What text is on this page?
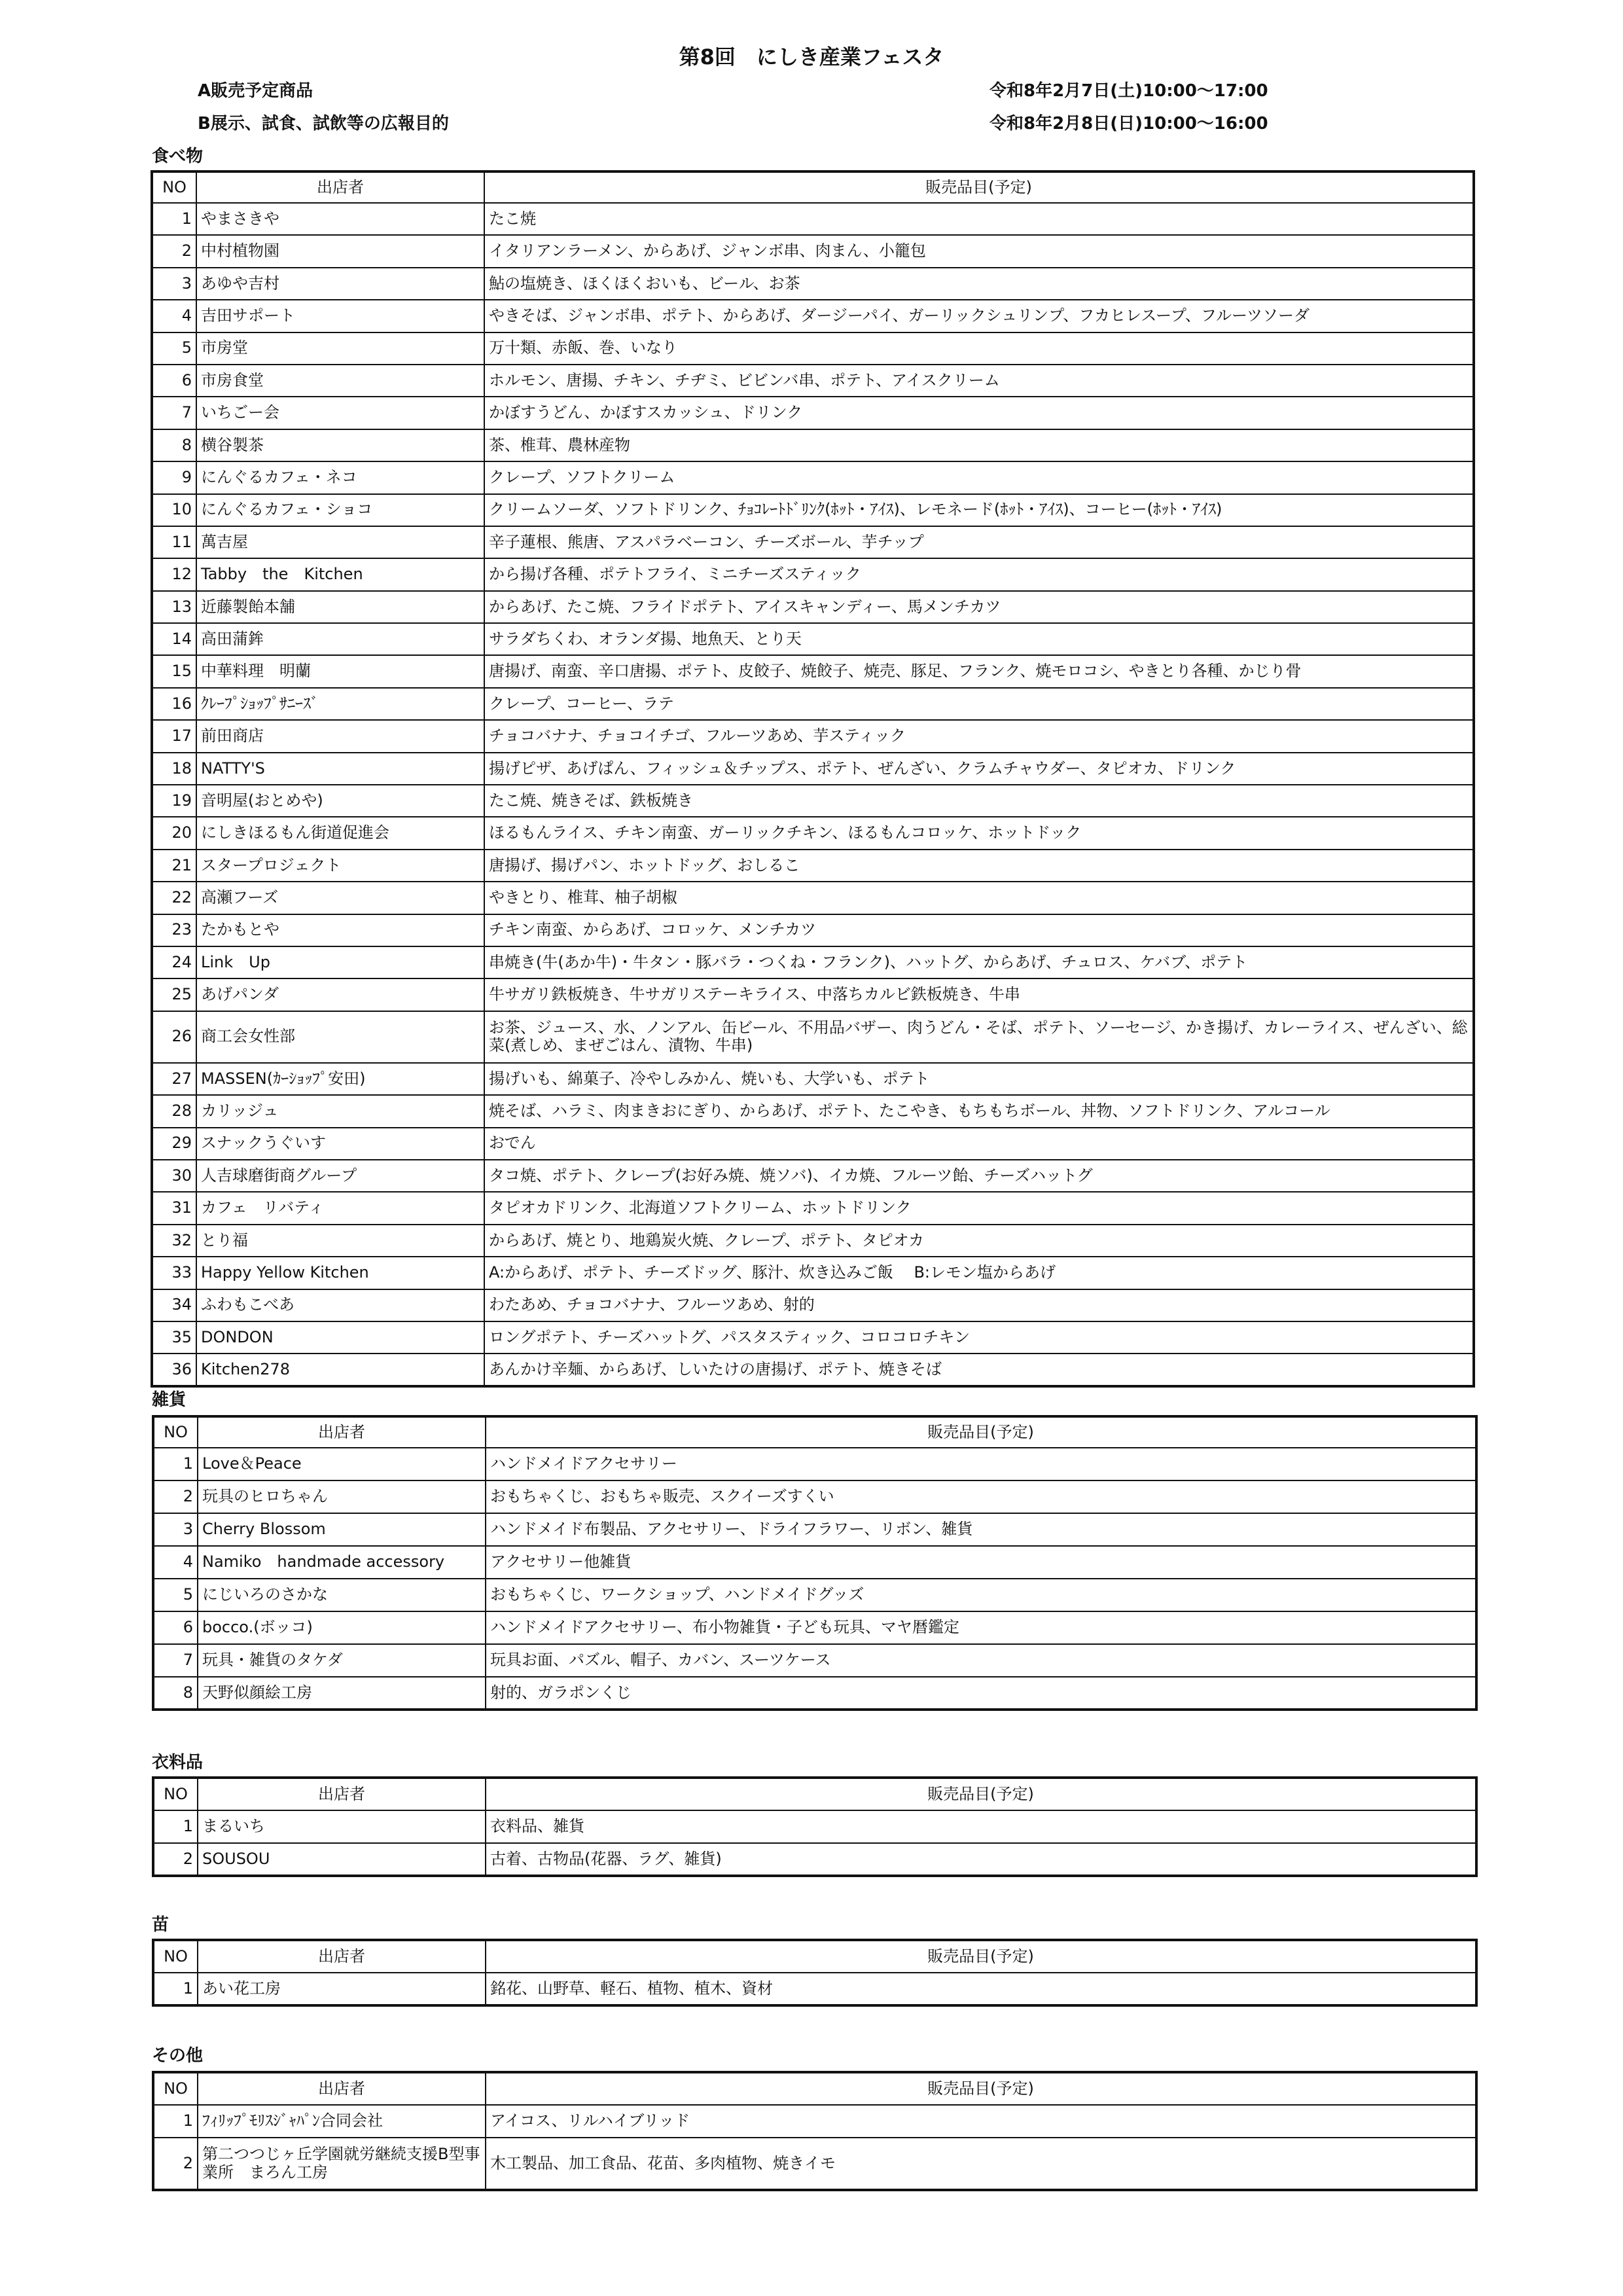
第8回　にしき産業フェスタ
A販売予定商品
B展示、試食、試飲等の広報目的
令和8年2月7日(土)10:00～17:00
令和8年2月8日(日)10:00～16:00
食べ物
NO	出店者	販売品目(予定)
1	やまさきや	たこ焼
2	中村植物園	イタリアンラーメン、からあげ、ジャンボ串、肉まん、小籠包
3	あゆや吉村	鮎の塩焼き、ほくほくおいも、ビール、お茶
4	吉田サポート	やきそば、ジャンボ串、ポテト、からあげ、ダージーパイ、ガーリックシュリンプ、フカヒレスープ、フルーツソーダ
5	市房堂	万十類、赤飯、巻、いなり
6	市房食堂	ホルモン、唐揚、チキン、チヂミ、ビビンバ串、ポテト、アイスクリーム
7	いちごー会	かぼすうどん、かぼすスカッシュ、ドリンク
8	横谷製茶	茶、椎茸、農林産物
9	にんぐるカフェ・ネコ	クレープ、ソフトクリーム
10	にんぐるカフェ・ショコ	クリームソーダ、ソフトドリンク、ﾁｮｺﾚｰﾄﾄﾞﾘﾝｸ(ﾎｯﾄ・ｱｲｽ)、レモネード(ﾎｯﾄ・ｱｲｽ)、コーヒー(ﾎｯﾄ・ｱｲｽ)
11	萬吉屋	辛子蓮根、熊唐、アスパラベーコン、チーズボール、芋チップ
12	Tabby　the　Kitchen	から揚げ各種、ポテトフライ、ミニチーズスティック
13	近藤製飴本舗	からあげ、たこ焼、フライドポテト、アイスキャンディー、馬メンチカツ
14	高田蒲鉾	サラダちくわ、オランダ揚、地魚天、とり天
15	中華料理　明蘭	唐揚げ、南蛮、辛口唐揚、ポテト、皮餃子、焼餃子、焼売、豚足、フランク、焼モロコシ、やきとり各種、かじり骨
16	ｸﾚｰﾌﾟｼｮｯﾌﾟｻﾆｰｽﾞ	クレープ、コーヒー、ラテ
17	前田商店	チョコバナナ、チョコイチゴ、フルーツあめ、芋スティック
18	NATTY'S	揚げピザ、あげぱん、フィッシュ＆チップス、ポテト、ぜんざい、クラムチャウダー、タピオカ、ドリンク
19	音明屋(おとめや)	たこ焼、焼きそば、鉄板焼き
20	にしきほるもん街道促進会	ほるもんライス、チキン南蛮、ガーリックチキン、ほるもんコロッケ、ホットドック
21	スタープロジェクト	唐揚げ、揚げパン、ホットドッグ、おしるこ
22	高瀬フーズ	やきとり、椎茸、柚子胡椒
23	たかもとや	チキン南蛮、からあげ、コロッケ、メンチカツ
24	Link　Up	串焼き(牛(あか牛)・牛タン・豚バラ・つくね・フランク)、ハットグ、からあげ、チュロス、ケバブ、ポテト
25	あげパンダ	牛サガリ鉄板焼き、牛サガリステーキライス、中落ちカルビ鉄板焼き、牛串
26	商工会女性部	お茶、ジュース、水、ノンアル、缶ビール、不用品バザー、肉うどん・そば、ポテト、ソーセージ、かき揚げ、カレーライス、ぜんざい、総菜(煮しめ、まぜごはん、漬物、牛串)
27	MASSEN(ｶｰｼｮｯﾌﾟ安田)	揚げいも、綿菓子、冷やしみかん、焼いも、大学いも、ポテト
28	カリッジュ	焼そば、ハラミ、肉まきおにぎり、からあげ、ポテト、たこやき、もちもちボール、丼物、ソフトドリンク、アルコール
29	スナックうぐいす	おでん
30	人吉球磨街商グループ	タコ焼、ポテト、クレープ(お好み焼、焼ソバ)、イカ焼、フルーツ飴、チーズハットグ
31	カフェ　リバティ	タピオカドリンク、北海道ソフトクリーム、ホットドリンク
32	とり福	からあげ、焼とり、地鶏炭火焼、クレープ、ポテト、タピオカ
33	Happy Yellow Kitchen	A:からあげ、ポテト、チーズドッグ、豚汁、炊き込みご飯　 B:レモン塩からあげ
34	ふわもこべあ	わたあめ、チョコバナナ、フルーツあめ、射的
35	DONDON	ロングポテト、チーズハットグ、パスタスティック、コロコロチキン
36	Kitchen278	あんかけ辛麺、からあげ、しいたけの唐揚げ、ポテト、焼きそば
雑貨
NO	出店者	販売品目(予定)
1	Love＆Peace	ハンドメイドアクセサリー
2	玩具のヒロちゃん	おもちゃくじ、おもちゃ販売、スクイーズすくい
3	Cherry Blossom	ハンドメイド布製品、アクセサリー、ドライフラワー、リボン、雑貨
4	Namiko　handmade accessory	アクセサリー他雑貨
5	にじいろのさかな	おもちゃくじ、ワークショップ、ハンドメイドグッズ
6	bocco.(ボッコ)	ハンドメイドアクセサリー、布小物雑貨・子ども玩具、マヤ暦鑑定
7	玩具・雑貨のタケダ	玩具お面、パズル、帽子、カバン、スーツケース
8	天野似顔絵工房	射的、ガラポンくじ
衣料品
NO	出店者	販売品目(予定)
1	まるいち	衣料品、雑貨
2	SOUSOU	古着、古物品(花器、ラグ、雑貨)
苗
NO	出店者	販売品目(予定)
1	あい花工房	銘花、山野草、軽石、植物、植木、資材
その他
NO	出店者	販売品目(予定)
1	ﾌｨﾘｯﾌﾟﾓﾘｽｼﾞｬﾊﾟﾝ合同会社	アイコス、リルハイブリッド
2	第二つつじヶ丘学園就労継続支援B型事業所　まろん工房	木工製品、加工食品、花苗、多肉植物、焼きイモ
